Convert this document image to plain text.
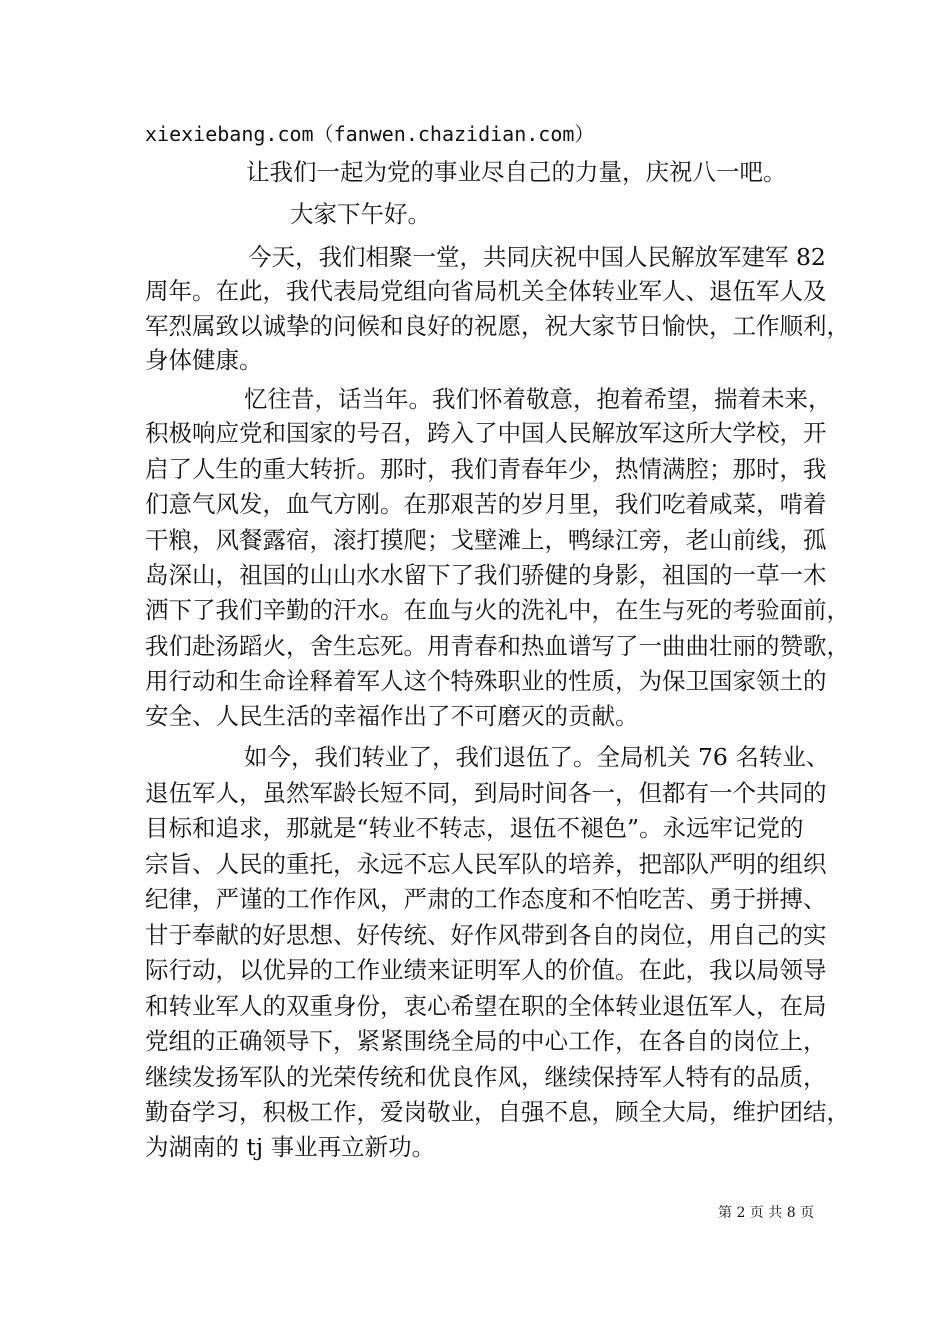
xiexiebang.com（fanwen.chazidian.com）
让我们一起为党的事业尽自己的力量，庆祝八一吧。
大家下午好。
今天，我们相聚一堂，共同庆祝中国人民解放军建军 82
周年。在此，我代表局党组向省局机关全体转业军人、退伍军人及
军烈属致以诚挚的问候和良好的祝愿，祝大家节日愉快，工作顺利，
身体健康。
忆往昔，话当年。我们怀着敬意，抱着希望，揣着未来，
积极响应党和国家的号召，跨入了中国人民解放军这所大学校，开
启了人生的重大转折。那时，我们青春年少，热情满腔；那时，我
们意气风发，血气方刚。在那艰苦的岁月里，我们吃着咸菜，啃着
干粮，风餐露宿，滚打摸爬；戈壁滩上，鸭绿江旁，老山前线，孤
岛深山，祖国的山山水水留下了我们骄健的身影，祖国的一草一木
洒下了我们辛勤的汗水。在血与火的洗礼中，在生与死的考验面前，
我们赴汤蹈火，舍生忘死。用青春和热血谱写了一曲曲壮丽的赞歌，
用行动和生命诠释着军人这个特殊职业的性质，为保卫国家领土的
安全、人民生活的幸福作出了不可磨灭的贡献。
如今，我们转业了，我们退伍了。全局机关 76 名转业、
退伍军人，虽然军龄长短不同，到局时间各一，但都有一个共同的
目标和追求，那就是“转业不转志，退伍不褪色”。永远牢记党的
宗旨、人民的重托，永远不忘人民军队的培养，把部队严明的组织
纪律，严谨的工作作风，严肃的工作态度和不怕吃苦、勇于拼搏、
甘于奉献的好思想、好传统、好作风带到各自的岗位，用自己的实
际行动，以优异的工作业绩来证明军人的价值。在此，我以局领导
和转业军人的双重身份，衷心希望在职的全体转业退伍军人，在局
党组的正确领导下，紧紧围绕全局的中心工作，在各自的岗位上，
继续发扬军队的光荣传统和优良作风，继续保持军人特有的品质，
勤奋学习，积极工作，爱岗敬业，自强不息，顾全大局，维护团结，
为湖南的 tj 事业再立新功。
第 2 页 共 8 页
